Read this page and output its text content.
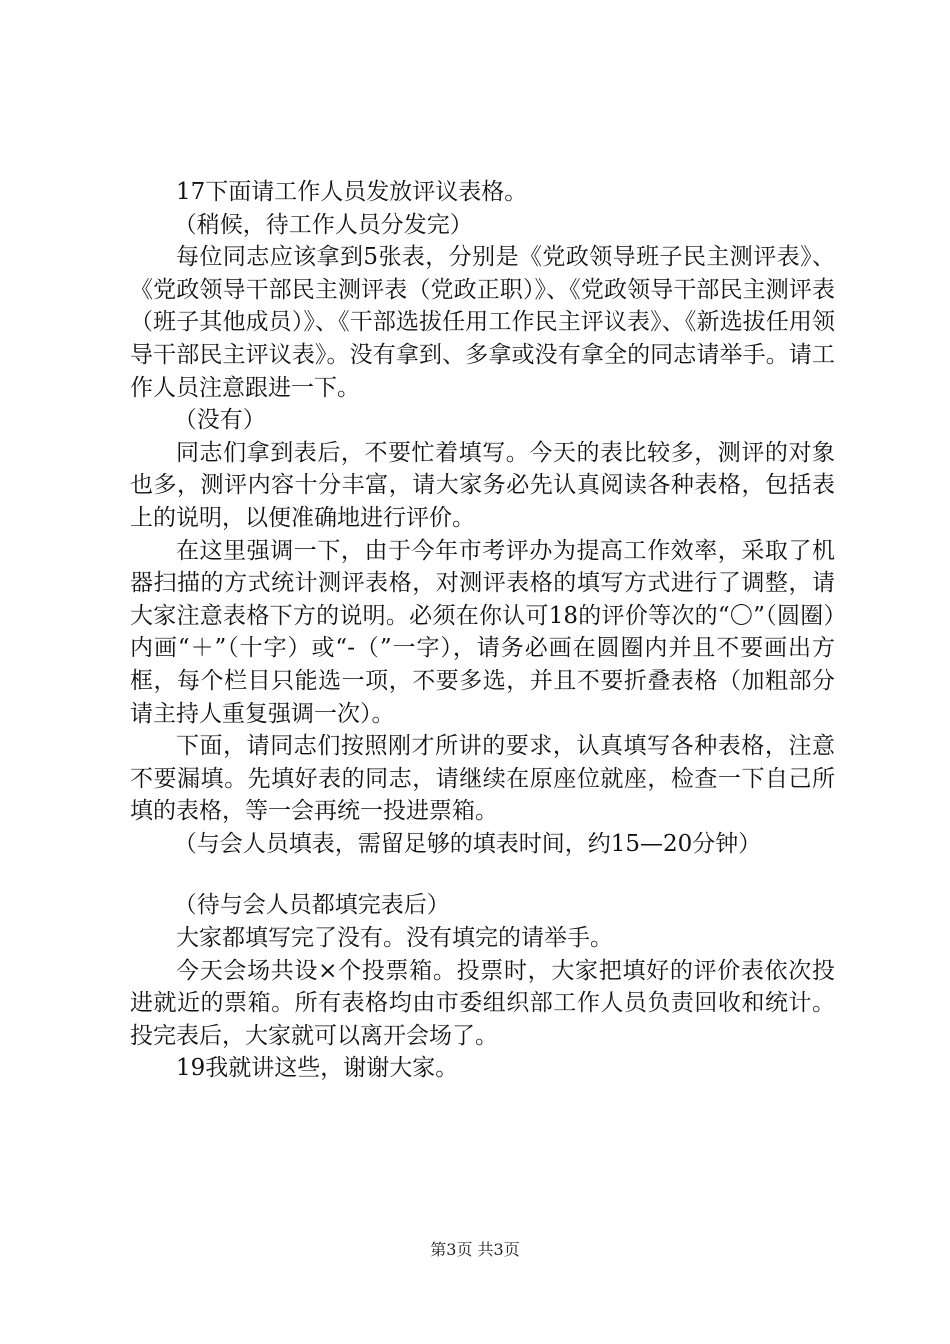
17下面请工作人员发放评议表格。

（稍候，待工作人员分发完）

每位同志应该拿到5张表，分别是《党政领导班子民主测评表》、《党政领导干部民主测评表（党政正职）》、《党政领导干部民主测评表（班子其他成员）》、《干部选拔任用工作民主评议表》、《新选拔任用领导干部民主评议表》。没有拿到、多拿或没有拿全的同志请举手。请工作人员注意跟进一下。

（没有）

同志们拿到表后，不要忙着填写。今天的表比较多，测评的对象也多，测评内容十分丰富，请大家务必先认真阅读各种表格，包括表上的说明，以便准确地进行评价。

在这里强调一下，由于今年市考评办为提高工作效率，采取了机器扫描的方式统计测评表格，对测评表格的填写方式进行了调整，请大家注意表格下方的说明。必须在你认可18的评价等次的“〇”（圆圈）内画“＋”（十字）或“-（”一字），请务必画在圆圈内并且不要画出方框，每个栏目只能选一项，不要多选，并且不要折叠表格（加粗部分请主持人重复强调一次）。

下面，请同志们按照刚才所讲的要求，认真填写各种表格，注意不要漏填。先填好表的同志，请继续在原座位就座，检查一下自己所填的表格，等一会再统一投进票箱。

（与会人员填表，需留足够的填表时间，约15—20分钟）

（待与会人员都填完表后）

大家都填写完了没有。没有填完的请举手。

今天会场共设×个投票箱。投票时，大家把填好的评价表依次投进就近的票箱。所有表格均由市委组织部工作人员负责回收和统计。投完表后，大家就可以离开会场了。

19我就讲这些，谢谢大家。

第3页 共3页
